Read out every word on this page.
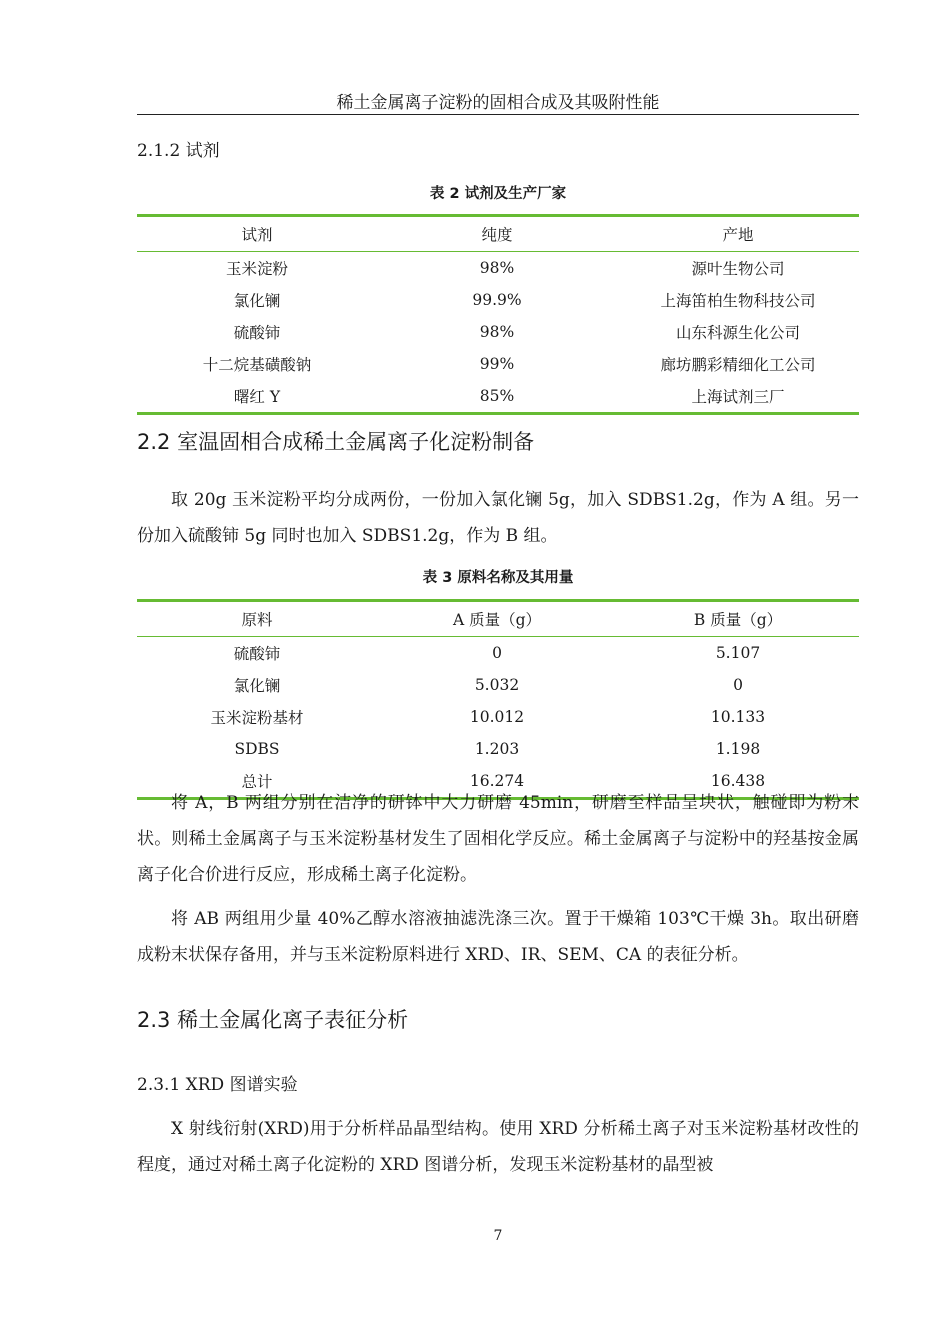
稀土金属离子淀粉的固相合成及其吸附性能
2.1.2 试剂
表 2 试剂及生产厂家
试剂	纯度	产地
玉米淀粉	98%	源叶生物公司
氯化镧	99.9%	上海笛柏生物科技公司
硫酸铈	98%	山东科源生化公司
十二烷基磺酸钠	99%	廊坊鹏彩精细化工公司
曙红 Y	85%	上海试剂三厂
2.2 室温固相合成稀土金属离子化淀粉制备

取 20g 玉米淀粉平均分成两份，一份加入氯化镧 5g，加入 SDBS1.2g，作为 A 组。另一份加入硫酸铈 5g 同时也加入 SDBS1.2g，作为 B 组。

表 3 原料名称及其用量
原料	A 质量（g）	B 质量（g）
硫酸铈	0	5.107
氯化镧	5.032	0
玉米淀粉基材	10.012	10.133
SDBS	1.203	1.198
总计	16.274	16.438

将 A，B 两组分别在洁净的研钵中大力研磨 45min，研磨至样品呈块状，触碰即为粉末状。则稀土金属离子与玉米淀粉基材发生了固相化学反应。稀土金属离子与淀粉中的羟基按金属离子化合价进行反应，形成稀土离子化淀粉。

将 AB 两组用少量 40%乙醇水溶液抽滤洗涤三次。置于干燥箱 103℃干燥 3h。取出研磨成粉末状保存备用，并与玉米淀粉原料进行 XRD、IR、SEM、CA 的表征分析。

2.3 稀土金属化离子表征分析
2.3.1 XRD 图谱实验

X 射线衍射(XRD)用于分析样品晶型结构。使用 XRD 分析稀土离子对玉米淀粉基材改性的程度，通过对稀土离子化淀粉的 XRD 图谱分析，发现玉米淀粉基材的晶型被

7
